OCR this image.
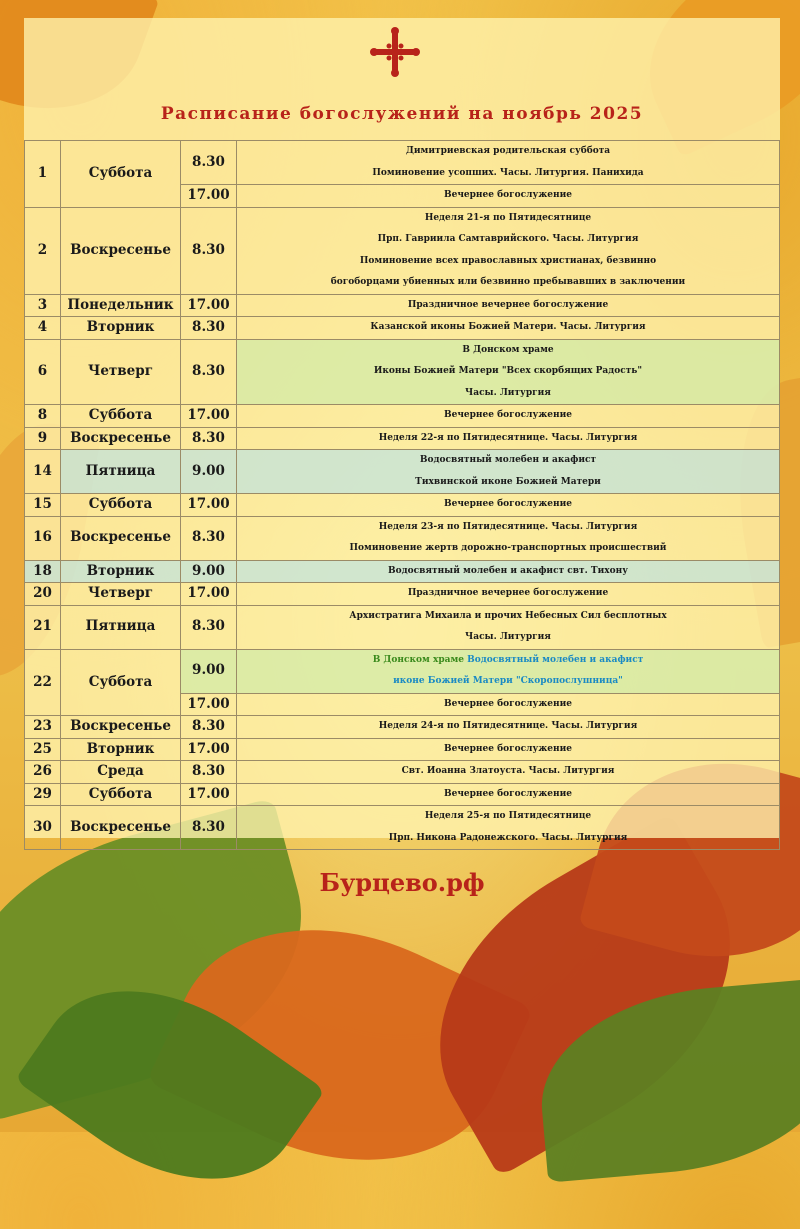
Расписание богослужений на ноябрь 2025
1	Суббота	8.30	Димитриевская родительская суббота
Поминовение усопших. Часы. Литургия. Панихида

		17.00	Вечернее богослужение

2	Воскресенье	8.30	Неделя 21-я по Пятидесятнице
Прп. Гавриила Самтаврийского. Часы. Литургия
Поминовение всех православных христианах, безвинно
богоборцами убиенных или безвинно пребывавших в заключении

3	Понедельник	17.00	Праздничное вечернее богослужение

4	Вторник	8.30	Казанской иконы Божией Матери. Часы. Литургия

6	Четверг	8.30	В Донском храме
Иконы Божией Матери "Всех скорбящих Радость"
Часы. Литургия

8	Суббота	17.00	Вечернее богослужение

9	Воскресенье	8.30	Неделя 22-я по Пятидесятнице. Часы. Литургия

14	Пятница	9.00	Водосвятный молебен и акафист
Тихвинской иконе Божией Матери

15	Суббота	17.00	Вечернее богослужение

16	Воскресенье	8.30	Неделя 23-я по Пятидесятнице. Часы. Литургия
Поминовение жертв дорожно-транспортных происшествий

18	Вторник	9.00	Водосвятный молебен и акафист свт. Тихону

20	Четверг	17.00	Праздничное вечернее богослужение

21	Пятница	8.30	Архистратига Михаила и прочих Небесных Сил бесплотных
Часы. Литургия

22	Суббота	9.00	В Донском храме Водосвятный молебен и акафист
иконе Божией Матери "Скоропослушница"

		17.00	Вечернее богослужение

23	Воскресенье	8.30	Неделя 24-я по Пятидесятнице. Часы. Литургия

25	Вторник	17.00	Вечернее богослужение

26	Среда	8.30	Свт. Иоанна Златоуста. Часы. Литургия

29	Суббота	17.00	Вечернее богослужение

30	Воскресенье	8.30	Неделя 25-я по Пятидесятнице
Прп. Никона Радонежского. Часы. Литургия
Бурцево.рф
